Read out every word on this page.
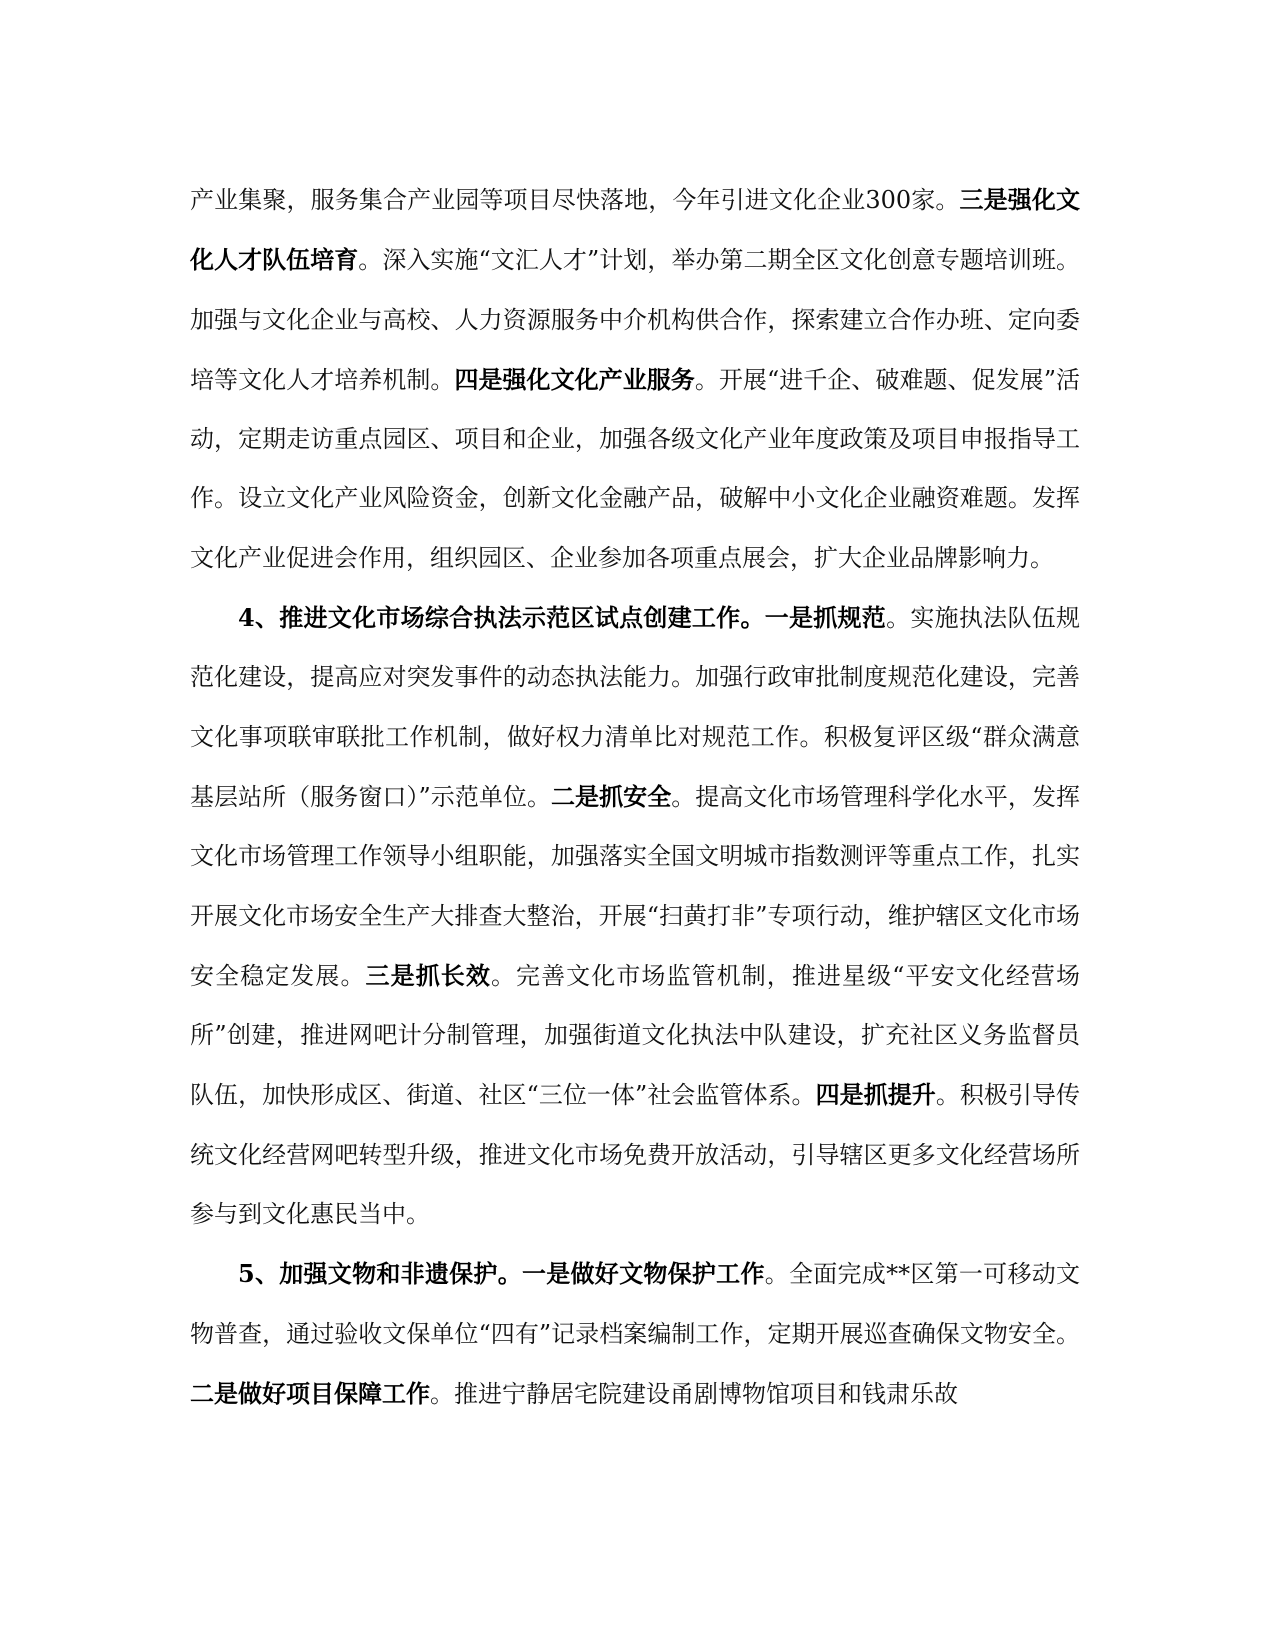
产业集聚，服务集合产业园等项目尽快落地，今年引进文化企业300家。三是强化文化人才队伍培育。深入实施“文汇人才”计划，举办第二期全区文化创意专题培训班。加强与文化企业与高校、人力资源服务中介机构供合作，探索建立合作办班、定向委培等文化人才培养机制。四是强化文化产业服务。开展“进千企、破难题、促发展”活动，定期走访重点园区、项目和企业，加强各级文化产业年度政策及项目申报指导工作。设立文化产业风险资金，创新文化金融产品，破解中小文化企业融资难题。发挥文化产业促进会作用，组织园区、企业参加各项重点展会，扩大企业品牌影响力。

4、推进文化市场综合执法示范区试点创建工作。一是抓规范。实施执法队伍规范化建设，提高应对突发事件的动态执法能力。加强行政审批制度规范化建设，完善文化事项联审联批工作机制，做好权力清单比对规范工作。积极复评区级“群众满意基层站所（服务窗口）”示范单位。二是抓安全。提高文化市场管理科学化水平，发挥文化市场管理工作领导小组职能，加强落实全国文明城市指数测评等重点工作，扎实开展文化市场安全生产大排查大整治，开展“扫黄打非”专项行动，维护辖区文化市场安全稳定发展。三是抓长效。完善文化市场监管机制，推进星级“平安文化经营场所”创建，推进网吧计分制管理，加强街道文化执法中队建设，扩充社区义务监督员队伍，加快形成区、街道、社区“三位一体”社会监管体系。四是抓提升。积极引导传统文化经营网吧转型升级，推进文化市场免费开放活动，引导辖区更多文化经营场所参与到文化惠民当中。

5、加强文物和非遗保护。一是做好文物保护工作。全面完成**区第一可移动文物普查，通过验收文保单位“四有”记录档案编制工作，定期开展巡查确保文物安全。二是做好项目保障工作。推进宁静居宅院建设甬剧博物馆项目和钱肃乐故
